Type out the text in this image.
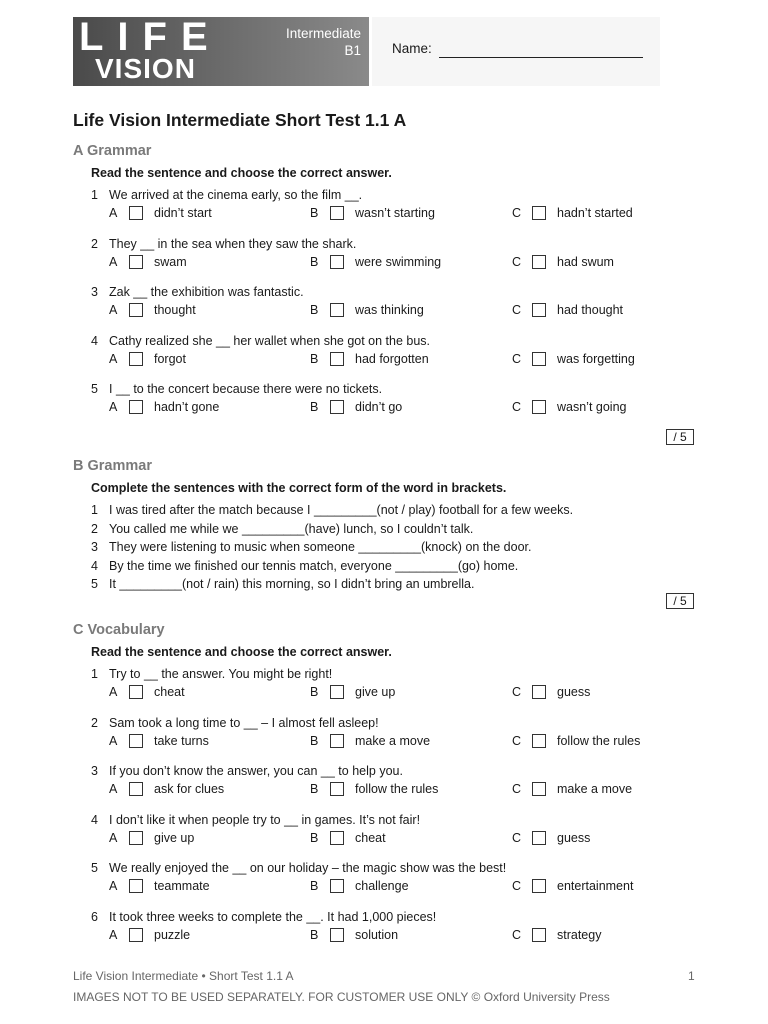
LIFE
VISION
Intermediate
B1 Name:
Life Vision Intermediate Short Test 1.1 A
A Grammar
Read the sentence and choose the correct answer.
1 We arrived at the cinema early, so the film __.
A	didn’t start	B	wasn’t starting	C	hadn’t started
2 They __ in the sea when they saw the shark.
A	swam	B	were swimming	C	had swum
3 Zak __ the exhibition was fantastic.
A	thought	B	was thinking	C	had thought
4 Cathy realized she __ her wallet when she got on the bus.
A	forgot	B	had forgotten	C	was forgetting
5 I __ to the concert because there were no tickets.
A	hadn’t gone	B	didn’t go	C	wasn’t going
/ 5
B Grammar
Complete the sentences with the correct form of the word in brackets.
1 I was tired after the match because I _________(not / play) football for a few weeks.
2 You called me while we _________(have) lunch, so I couldn’t talk.
3 They were listening to music when someone _________(knock) on the door.
4 By the time we finished our tennis match, everyone _________(go) home.
5 It _________(not / rain) this morning, so I didn’t bring an umbrella.
/ 5
C Vocabulary
Read the sentence and choose the correct answer.
1 Try to __ the answer. You might be right!
A	cheat	B	give up	C	guess
2 Sam took a long time to __ – I almost fell asleep!
A	take turns	B	make a move	C	follow the rules
3 If you don’t know the answer, you can __ to help you.
A	ask for clues	B	follow the rules	C	make a move
4 I don’t like it when people try to __ in games. It’s not fair!
A	give up	B	cheat	C	guess
5 We really enjoyed the __ on our holiday – the magic show was the best!
A	teammate	B	challenge	C	entertainment
6 It took three weeks to complete the __. It had 1,000 pieces!
A	puzzle	B	solution	C	strategy
Life Vision Intermediate • Short Test 1.1 A	1
IMAGES NOT TO BE USED SEPARATELY. FOR CUSTOMER USE ONLY © Oxford University Press
